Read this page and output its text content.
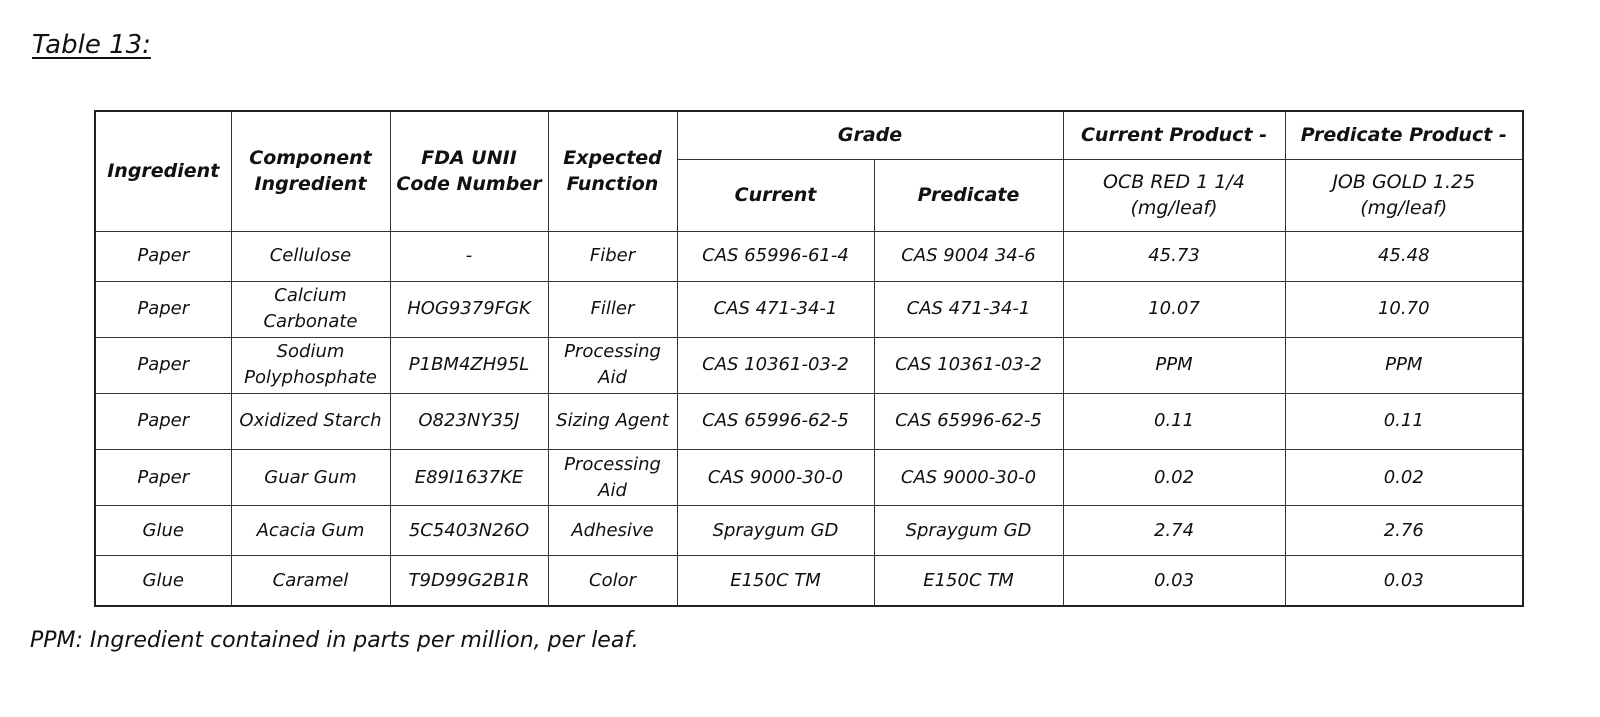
Table 13:
Ingredient	Component Ingredient	FDA UNII Code Number	Expected Function	Grade		Current Product -	Predicate Product -
				Current	Predicate	OCB RED 1 1/4 (mg/leaf)	JOB GOLD 1.25 (mg/leaf)
Paper	Cellulose	-	Fiber	CAS 65996-61-4	CAS 9004 34-6	45.73	45.48
Paper	Calcium Carbonate	HOG9379FGK	Filler	CAS 471-34-1	CAS 471-34-1	10.07	10.70
Paper	Sodium Polyphosphate	P1BM4ZH95L	Processing Aid	CAS 10361-03-2	CAS 10361-03-2	PPM	PPM
Paper	Oxidized Starch	O823NY35J	Sizing Agent	CAS 65996-62-5	CAS 65996-62-5	0.11	0.11
Paper	Guar Gum	E89I1637KE	Processing Aid	CAS 9000-30-0	CAS 9000-30-0	0.02	0.02
Glue	Acacia Gum	5C5403N26O	Adhesive	Spraygum GD	Spraygum GD	2.74	2.76
Glue	Caramel	T9D99G2B1R	Color	E150C TM	E150C TM	0.03	0.03

PPM: Ingredient contained in parts per million, per leaf.
